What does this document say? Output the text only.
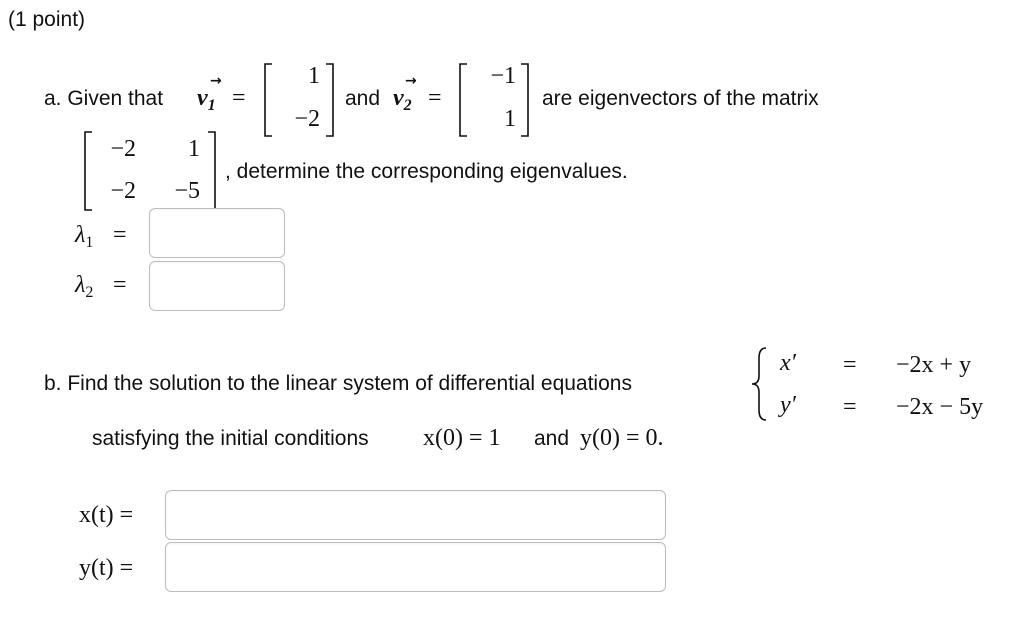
(1 point)
a. Given that $v_1$
→
=
1
−2
and $v_2$
→
=
−1
1
are eigenvectors of the matrix
−2	1
−2	−5
, determine the corresponding eigenvalues.
$\lambda_1$ =
$\lambda_2$ =
b. Find the solution to the linear system of differential equations
x′ = −2x + y
y′ = −2x − 5y
satisfying the initial conditions x(0) = 1 and y(0) = 0.
x(t) =
y(t) =
